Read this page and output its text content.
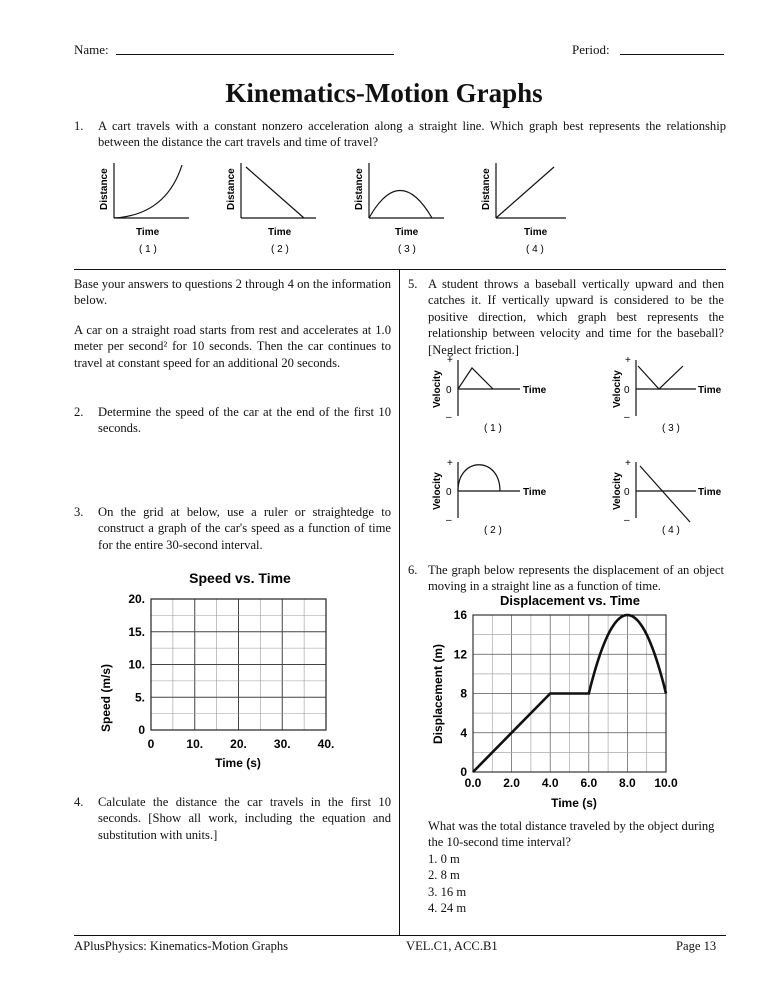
Name:	Period:
Kinematics-Motion Graphs
1. A cart travels with a constant nonzero acceleration along a straight line. Which graph best represents the relationship between the distance the cart travels and time of travel?
Distance
Time
( 1 )
Distance
Time
( 2 )
Distance
Time
( 3 )
Distance
Time
( 4 )
Base your answers to questions 2 through 4 on the information below.
A car on a straight road starts from rest and accelerates at 1.0 meter per second² for 10 seconds. Then the car continues to travel at constant speed for an additional 20 seconds.
2. Determine the speed of the car at the end of the first 10 seconds.
3. On the grid at below, use a ruler or straightedge to construct a graph of the car's speed as a function of time for the entire 30-second interval.
Speed vs. Time
Speed (m/s)
Time (s)
0	10. 20. 30. 40.
0
5.
10.
15.
20.
4. Calculate the distance the car travels in the first 10 seconds. [Show all work, including the equation and substitution with units.]
5. A student throws a baseball vertically upward and then catches it. If vertically upward is considered to be the positive direction, which graph best represents the relationship between velocity and time for the baseball? [Neglect friction.]
Velocity
+
0
–
Time
( 1 )
Velocity
+
0
–
Time
( 3 )
Velocity
+
0
–
Time
( 2 )
Velocity
+
0
–
Time
( 4 )
6. The graph below represents the displacement of an object moving in a straight line as a function of time.
Displacement vs. Time
Displacement (m)
Time (s)
0.0 2.0 4.0 6.0 8.0 10.0
0
4
8
12
16
What was the total distance traveled by the object during the 10-second time interval?
1. 0 m
2. 8 m
3. 16 m
4. 24 m
APlusPhysics: Kinematics-Motion Graphs	VEL.C1, ACC.B1	Page 13
